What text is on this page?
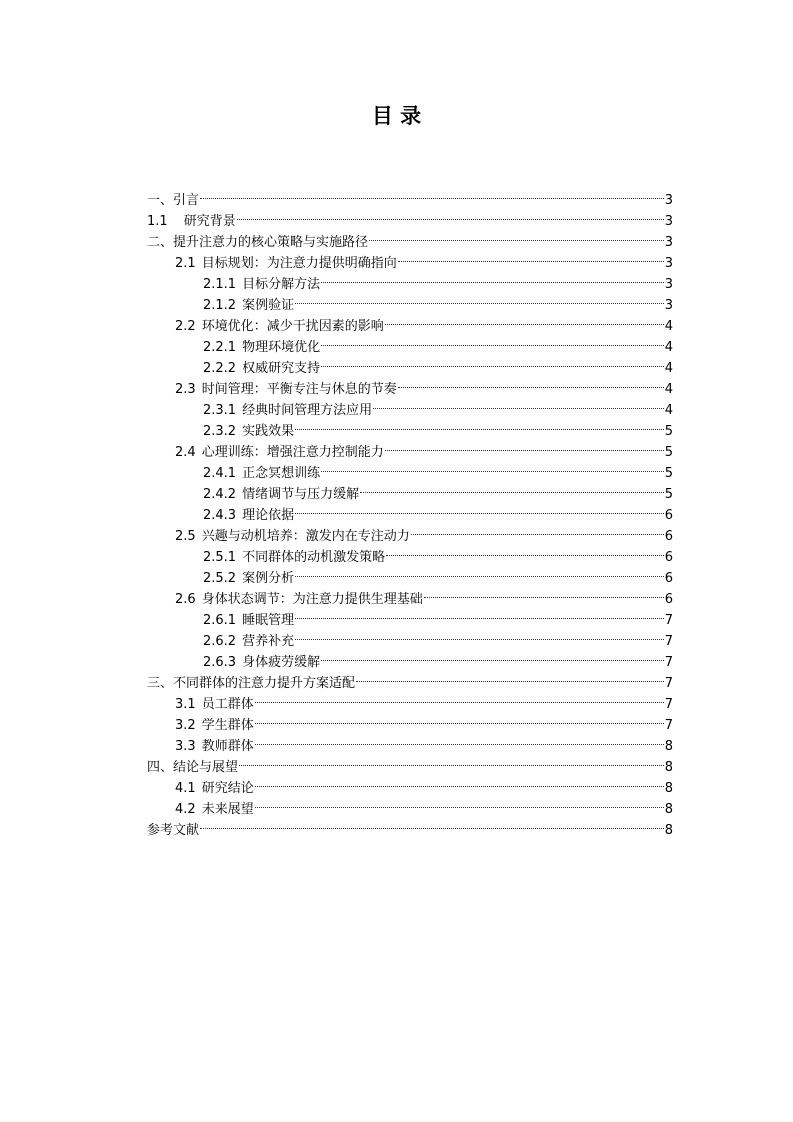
目 录
一、引言	3
1.1 研究背景	3
二、提升注意力的核心策略与实施路径	3
2.1 目标规划：为注意力提供明确指向	3
2.1.1 目标分解方法	3
2.1.2 案例验证	3
2.2 环境优化：减少干扰因素的影响	4
2.2.1 物理环境优化	4
2.2.2 权威研究支持	4
2.3 时间管理：平衡专注与休息的节奏	4
2.3.1 经典时间管理方法应用	4
2.3.2 实践效果	5
2.4 心理训练：增强注意力控制能力	5
2.4.1 正念冥想训练	5
2.4.2 情绪调节与压力缓解	5
2.4.3 理论依据	6
2.5 兴趣与动机培养：激发内在专注动力	6
2.5.1 不同群体的动机激发策略	6
2.5.2 案例分析	6
2.6 身体状态调节：为注意力提供生理基础	6
2.6.1 睡眠管理	7
2.6.2 营养补充	7
2.6.3 身体疲劳缓解	7
三、不同群体的注意力提升方案适配	7
3.1 员工群体	7
3.2 学生群体	7
3.3 教师群体	8
四、结论与展望	8
4.1 研究结论	8
4.2 未来展望	8
参考文献	8
